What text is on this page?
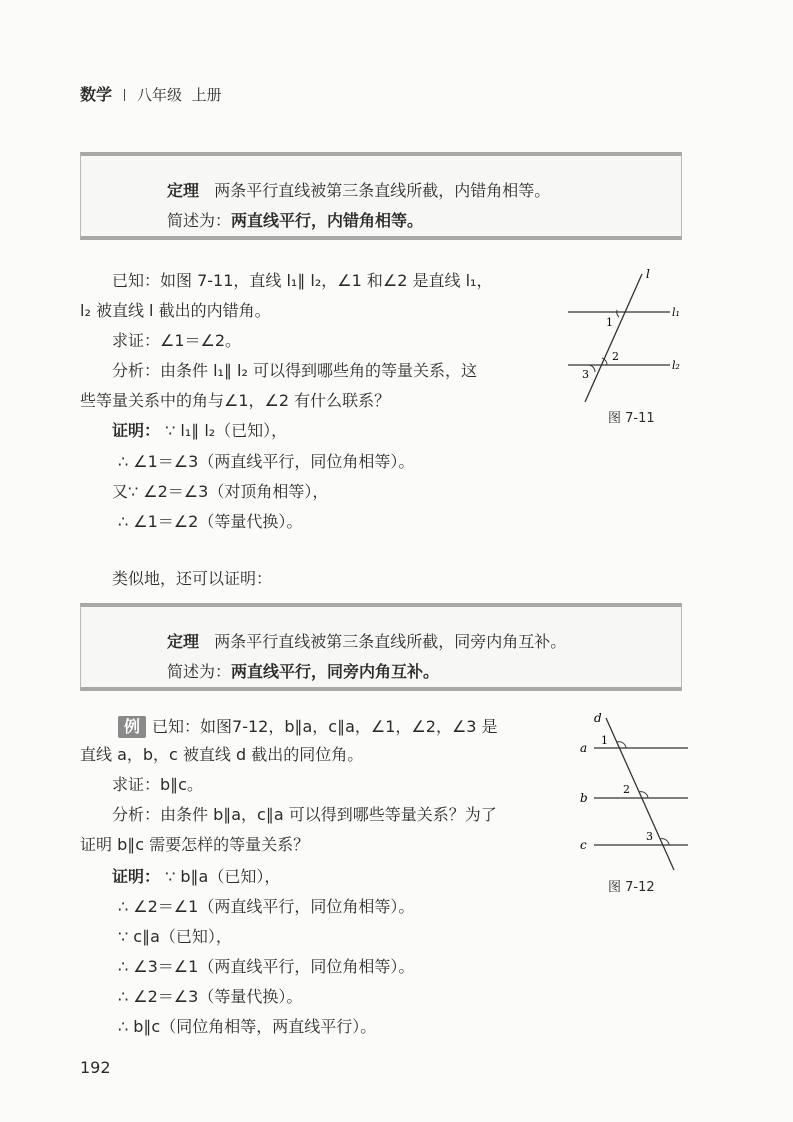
数学 八年级 上册
定理 两条平行直线被第三条直线所截，内错角相等。
简述为：两直线平行，内错角相等。
已知：如图 7-11，直线 l₁∥ l₂，∠1 和∠2 是直线 l₁，
l₂ 被直线 l 截出的内错角。
求证：∠1＝∠2。
分析：由条件 l₁∥ l₂ 可以得到哪些角的等量关系，这
些等量关系中的角与∠1，∠2 有什么联系？
证明： ∵ l₁∥ l₂（已知），
∴ ∠1＝∠3（两直线平行，同位角相等）。
又∵ ∠2＝∠3（对顶角相等），
∴ ∠1＝∠2（等量代换）。
l
l₁
l₂
1
2
3
图 7-11
类似地，还可以证明：
定理 两条平行直线被第三条直线所截，同旁内角互补。
简述为：两直线平行，同旁内角互补。
例 已知：如图7-12，b∥a，c∥a，∠1，∠2，∠3 是
直线 a，b，c 被直线 d 截出的同位角。
求证：b∥c。
分析：由条件 b∥a，c∥a 可以得到哪些等量关系？为了
证明 b∥c 需要怎样的等量关系？
证明： ∵ b∥a（已知），
∴ ∠2＝∠1（两直线平行，同位角相等）。
∵ c∥a（已知），
∴ ∠3＝∠1（两直线平行，同位角相等）。
∴ ∠2＝∠3（等量代换）。
∴ b∥c（同位角相等，两直线平行）。
d
a
b
c
1
2
3
图 7-12
192
